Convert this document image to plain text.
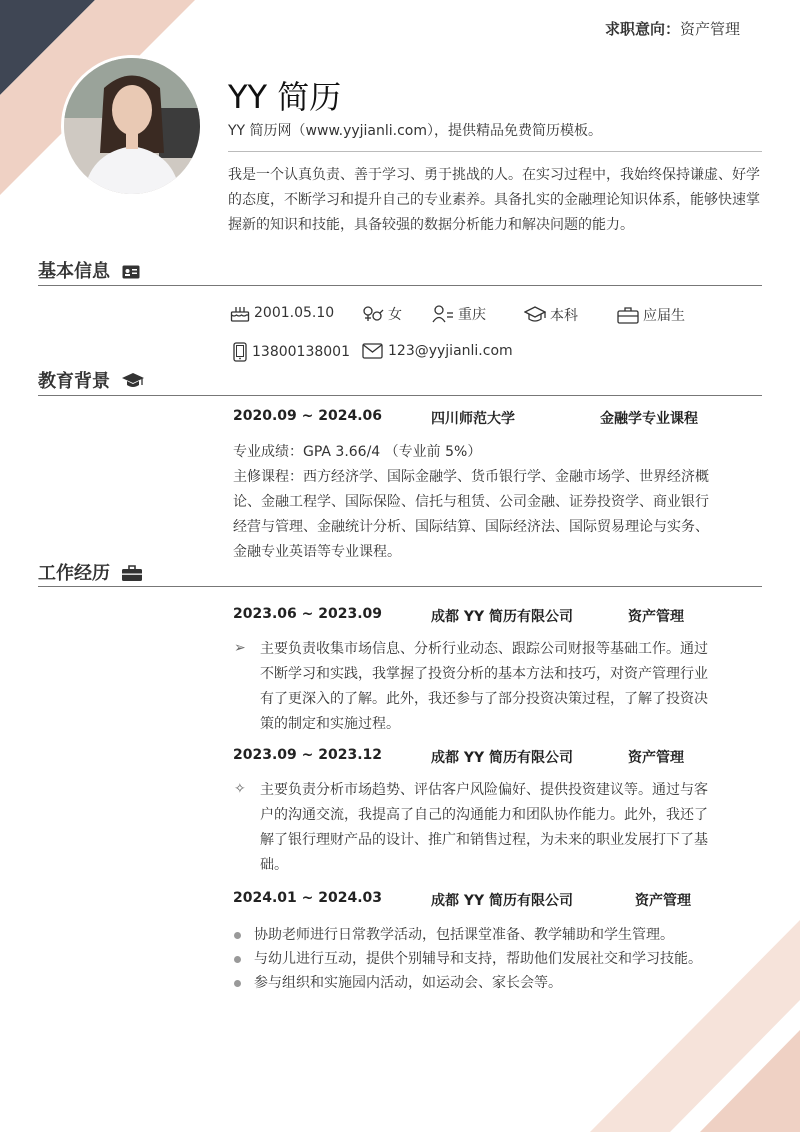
求职意向：资产管理
YY 简历
YY 简历网（www.yyjianli.com），提供精品免费简历模板。
我是一个认真负责、善于学习、勇于挑战的人。在实习过程中，我始终保持谦虚、好学的态度，不断学习和提升自己的专业素养。具备扎实的金融理论知识体系，能够快速掌握新的知识和技能，具备较强的数据分析能力和解决问题的能力。
基本信息
2001.05.10	女	重庆	本科	应届生
13800138001	123@yyjianli.com
教育背景
2020.09 ~ 2024.06	四川师范大学	金融学专业课程
专业成绩：GPA 3.66/4 （专业前 5%）
主修课程：西方经济学、国际金融学、货币银行学、金融市场学、世界经济概论、金融工程学、国际保险、信托与租赁、公司金融、证券投资学、商业银行经营与管理、金融统计分析、国际结算、国际经济法、国际贸易理论与实务、金融专业英语等专业课程。
工作经历
2023.06 ~ 2023.09	成都 YY 简历有限公司	资产管理
➢ 主要负责收集市场信息、分析行业动态、跟踪公司财报等基础工作。通过不断学习和实践，我掌握了投资分析的基本方法和技巧，对资产管理行业有了更深入的了解。此外，我还参与了部分投资决策过程，了解了投资决策的制定和实施过程。
2023.09 ~ 2023.12	成都 YY 简历有限公司	资产管理
✧ 主要负责分析市场趋势、评估客户风险偏好、提供投资建议等。通过与客户的沟通交流，我提高了自己的沟通能力和团队协作能力。此外，我还了解了银行理财产品的设计、推广和销售过程，为未来的职业发展打下了基础。
2024.01 ~ 2024.03	成都 YY 简历有限公司	资产管理
协助老师进行日常教学活动，包括课堂准备、教学辅助和学生管理。
与幼儿进行互动，提供个别辅导和支持，帮助他们发展社交和学习技能。
参与组织和实施园内活动，如运动会、家长会等。
